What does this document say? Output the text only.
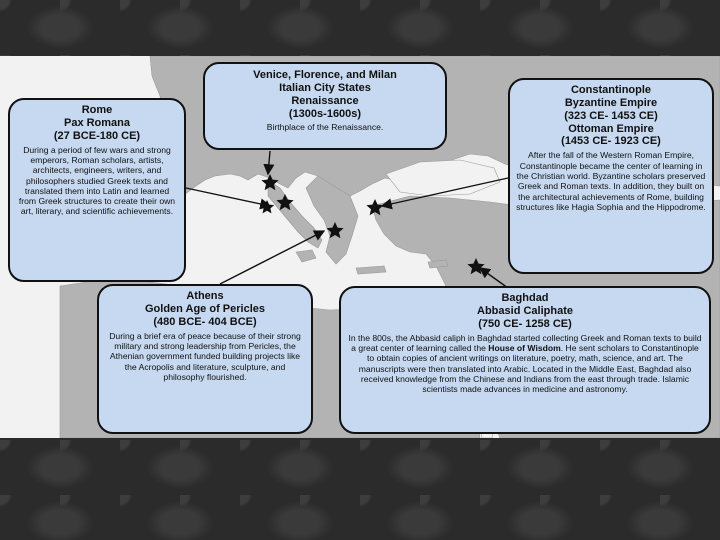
Venice, Florence, and Milan
Italian City States
Renaissance
(1300s-1600s)
Birthplace of the Renaissance.
Rome
Pax Romana
(27 BCE-180 CE)
During a period of few wars and strong emperors, Roman scholars, artists, architects, engineers, writers, and philosophers studied Greek texts and translated them into Latin and learned from Greek structures to create their own art, literary, and scientific achievements.
Constantinople
Byzantine Empire
(323 CE- 1453 CE)
Ottoman Empire
(1453 CE- 1923 CE)
After the fall of the Western Roman Empire, Constantinople became the center of learning in the Christian world. Byzantine scholars preserved Greek and Roman texts. In addition, they built on the architectural achievements of Rome, building structures like Hagia Sophia and the Hippodrome.
Athens
Golden Age of Pericles
(480 BCE- 404 BCE)
During a brief era of peace because of their strong military and strong leadership from Pericles, the Athenian government funded building projects like the Acropolis and literature, sculpture, and philosophy flourished.
Baghdad
Abbasid Caliphate
(750 CE- 1258 CE)
In the 800s, the Abbasid caliph in Baghdad started collecting Greek and Roman texts to build a great center of learning called the House of Wisdom. He sent scholars to Constantinople to obtain copies of ancient writings on literature, poetry, math, science, and art. The manuscripts were then translated into Arabic. Located in the Middle East, Baghdad also received knowledge from the Chinese and Indians from the east through trade. Islamic scientists made advances in medicine and astronomy.
